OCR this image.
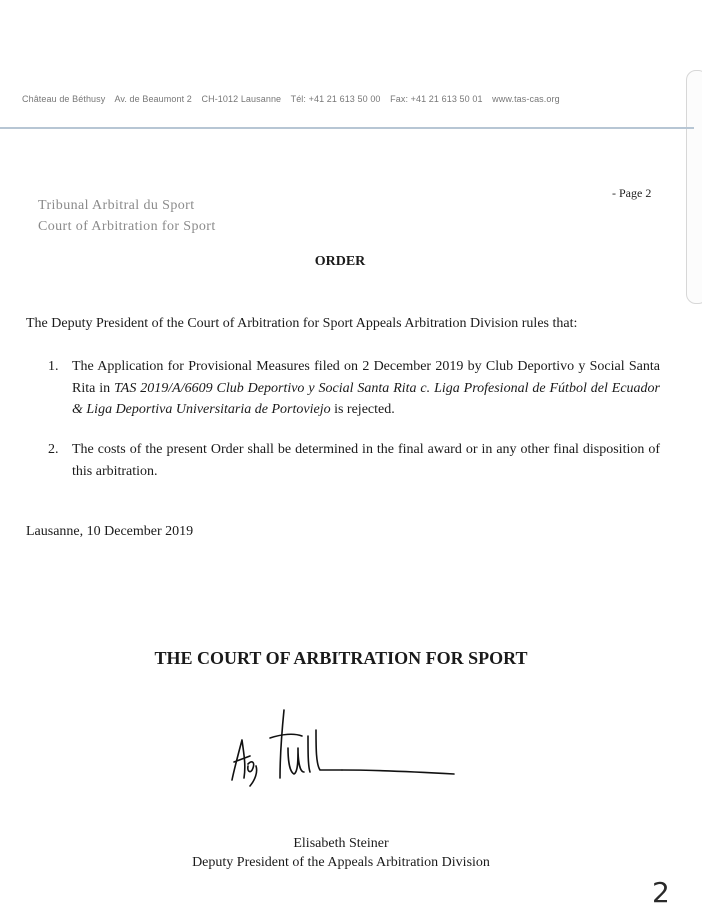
Château de Béthusy Av. de Beaumont 2 CH-1012 Lausanne Tél: +41 21 613 50 00 Fax: +41 21 613 50 01 www.tas-cas.org
- Page 2
Tribunal Arbitral du Sport
Court of Arbitration for Sport
ORDER
The Deputy President of the Court of Arbitration for Sport Appeals Arbitration Division rules that:
1. The Application for Provisional Measures filed on 2 December 2019 by Club Deportivo y Social Santa Rita in TAS 2019/A/6609 Club Deportivo y Social Santa Rita c. Liga Profesional de Fútbol del Ecuador & Liga Deportiva Universitaria de Portoviejo is rejected.
2. The costs of the present Order shall be determined in the final award or in any other final disposition of this arbitration.
Lausanne, 10 December 2019
THE COURT OF ARBITRATION FOR SPORT
Elisabeth Steiner
Deputy President of the Appeals Arbitration Division
2
